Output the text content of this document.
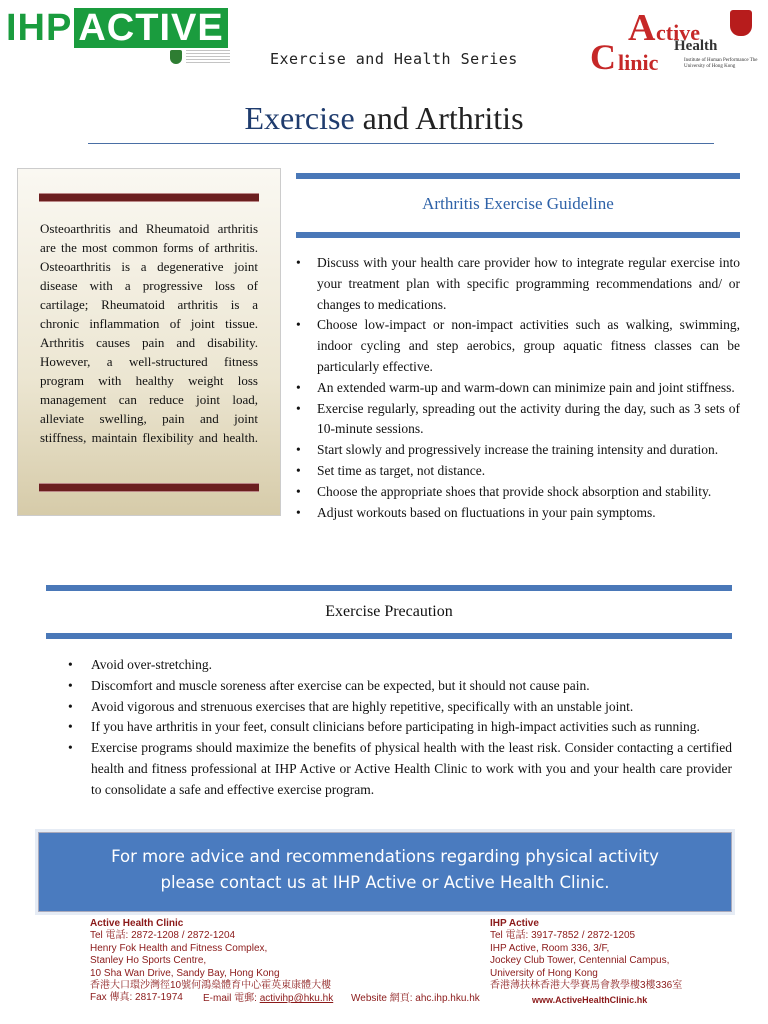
IHP ACTIVE
Exercise and Health Series
A ctive
Health
C linic	Institute of Human Performance The University of Hong Kong
Exercise and Arthritis
Osteoarthritis and Rheumatoid arthritis are the most common forms of arthritis. Osteoarthritis is a degenerative joint disease with a progressive loss of cartilage; Rheumatoid arthritis is a chronic inflammation of joint tissue. Arthritis causes pain and disability. However, a well-structured fitness program with healthy weight loss management can reduce joint load, alleviate swelling, pain and joint stiffness, maintain flexibility and health.
Arthritis Exercise Guideline
• Discuss with your health care provider how to integrate regular exercise into your treatment plan with specific programming recommendations and/ or changes to medications.
• Choose low-impact or non-impact activities such as walking, swimming, indoor cycling and step aerobics, group aquatic fitness classes can be particularly effective.
• An extended warm-up and warm-down can minimize pain and joint stiffness.
• Exercise regularly, spreading out the activity during the day, such as 3 sets of 10-minute sessions.
• Start slowly and progressively increase the training intensity and duration.
• Set time as target, not distance.
• Choose the appropriate shoes that provide shock absorption and stability.
• Adjust workouts based on fluctuations in your pain symptoms.
Exercise Precaution
• Avoid over-stretching.
• Discomfort and muscle soreness after exercise can be expected, but it should not cause pain.
• Avoid vigorous and strenuous exercises that are highly repetitive, specifically with an unstable joint.
• If you have arthritis in your feet, consult clinicians before participating in high-impact activities such as running.
• Exercise programs should maximize the benefits of physical health with the least risk. Consider contacting a certified health and fitness professional at IHP Active or Active Health Clinic to work with you and your health care provider to consolidate a safe and effective exercise program.
For more advice and recommendations regarding physical activity
please contact us at IHP Active or Active Health Clinic.
Active Health Clinic
Tel 電話: 2872-1208 / 2872-1204
Henry Fok Health and Fitness Complex,
Stanley Ho Sports Centre,
10 Sha Wan Drive, Sandy Bay, Hong Kong
香港大口環沙灣徑10號何鴻燊體育中心霍英東康體大樓
Fax 傳真: 2817-1974	E-mail 電郵: activihp@hku.hk Website 網頁: ahc.ihp.hku.hk
IHP Active
Tel 電話: 3917-7852 / 2872-1205
IHP Active, Room 336, 3/F,
Jockey Club Tower, Centennial Campus,
University of Hong Kong
香港薄扶林香港大學賽馬會教學樓3樓336室
www.ActiveHealthClinic.hk
